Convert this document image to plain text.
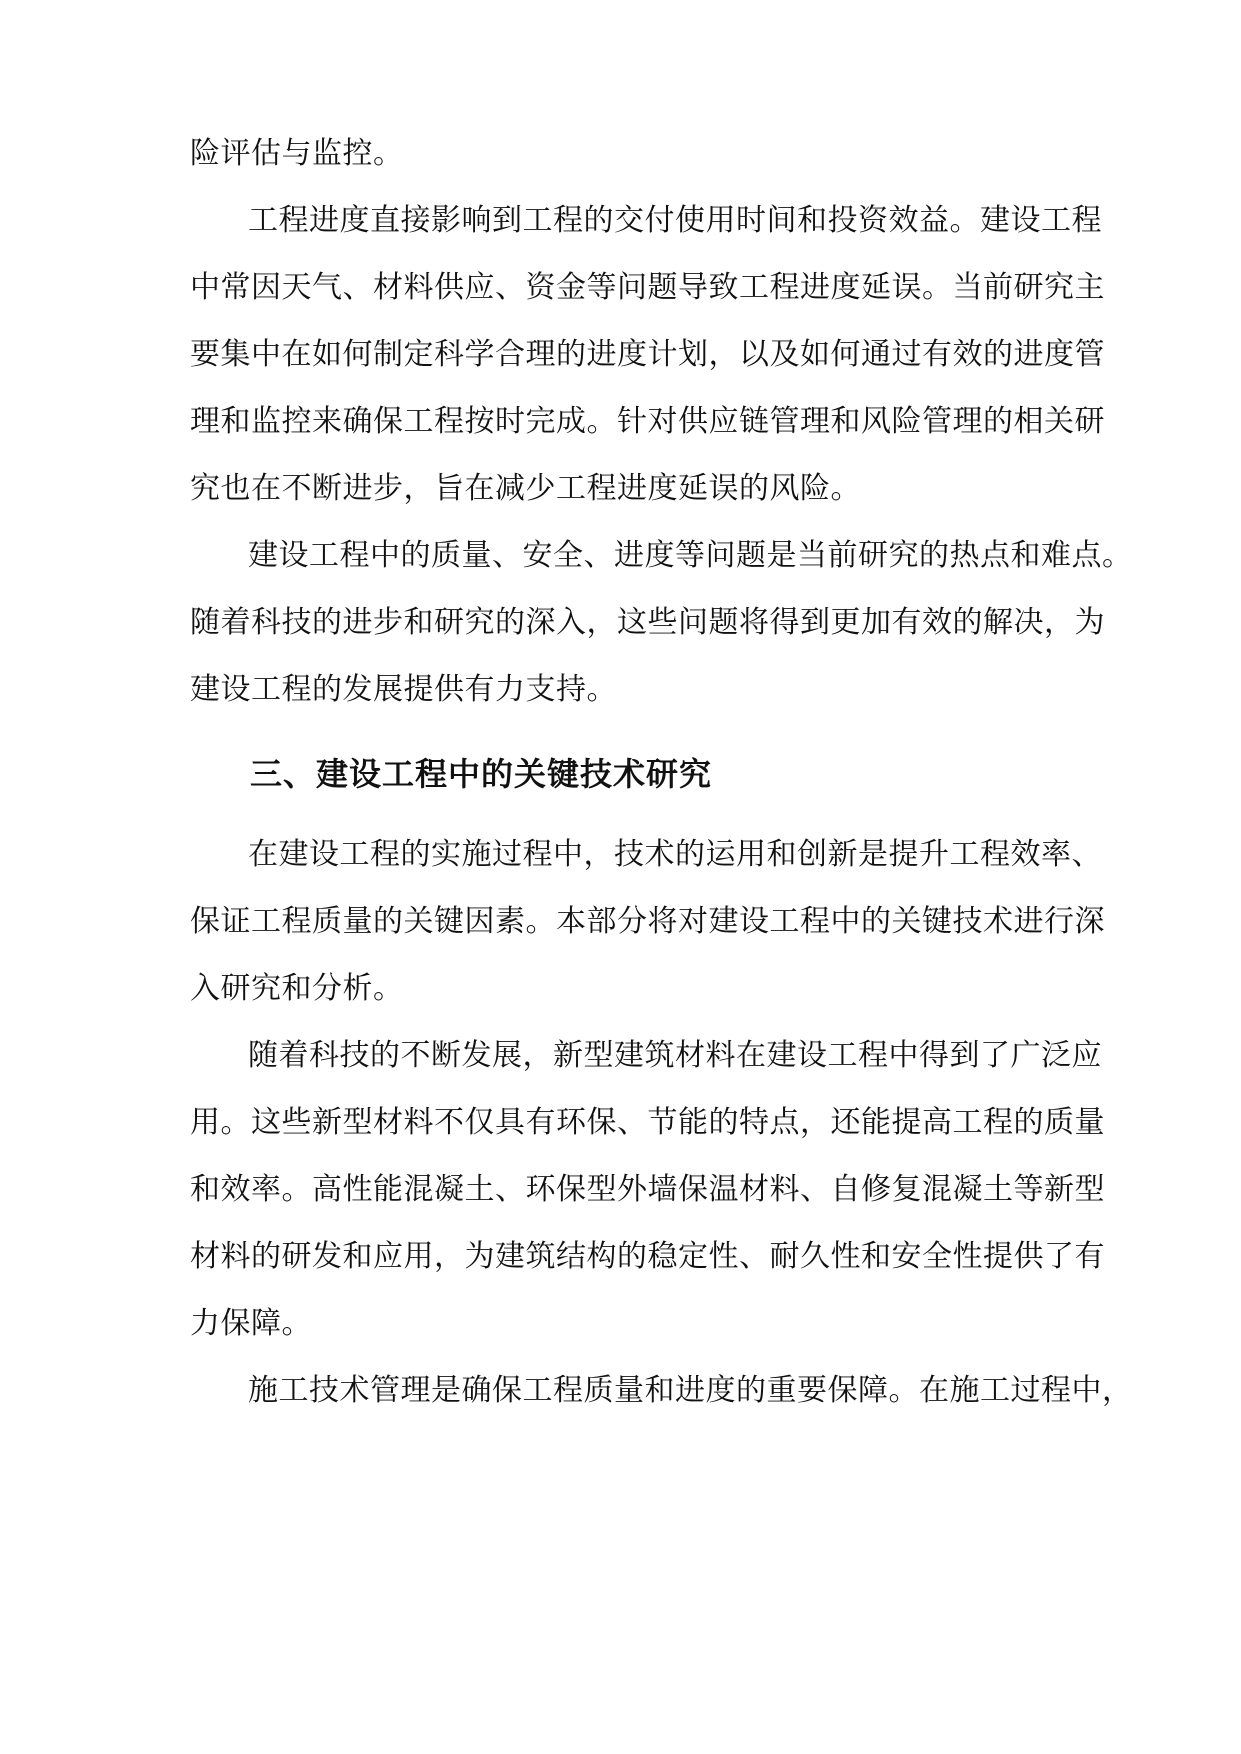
险评估与监控。
工程进度直接影响到工程的交付使用时间和投资效益。建设工程
中常因天气、材料供应、资金等问题导致工程进度延误。当前研究主
要集中在如何制定科学合理的进度计划，以及如何通过有效的进度管
理和监控来确保工程按时完成。针对供应链管理和风险管理的相关研
究也在不断进步，旨在减少工程进度延误的风险。
建设工程中的质量、安全、进度等问题是当前研究的热点和难点。
随着科技的进步和研究的深入，这些问题将得到更加有效的解决，为
建设工程的发展提供有力支持。
三、建设工程中的关键技术研究
在建设工程的实施过程中，技术的运用和创新是提升工程效率、
保证工程质量的关键因素。本部分将对建设工程中的关键技术进行深
入研究和分析。
随着科技的不断发展，新型建筑材料在建设工程中得到了广泛应
用。这些新型材料不仅具有环保、节能的特点，还能提高工程的质量
和效率。高性能混凝土、环保型外墙保温材料、自修复混凝土等新型
材料的研发和应用，为建筑结构的稳定性、耐久性和安全性提供了有
力保障。
施工技术管理是确保工程质量和进度的重要保障。在施工过程中，
